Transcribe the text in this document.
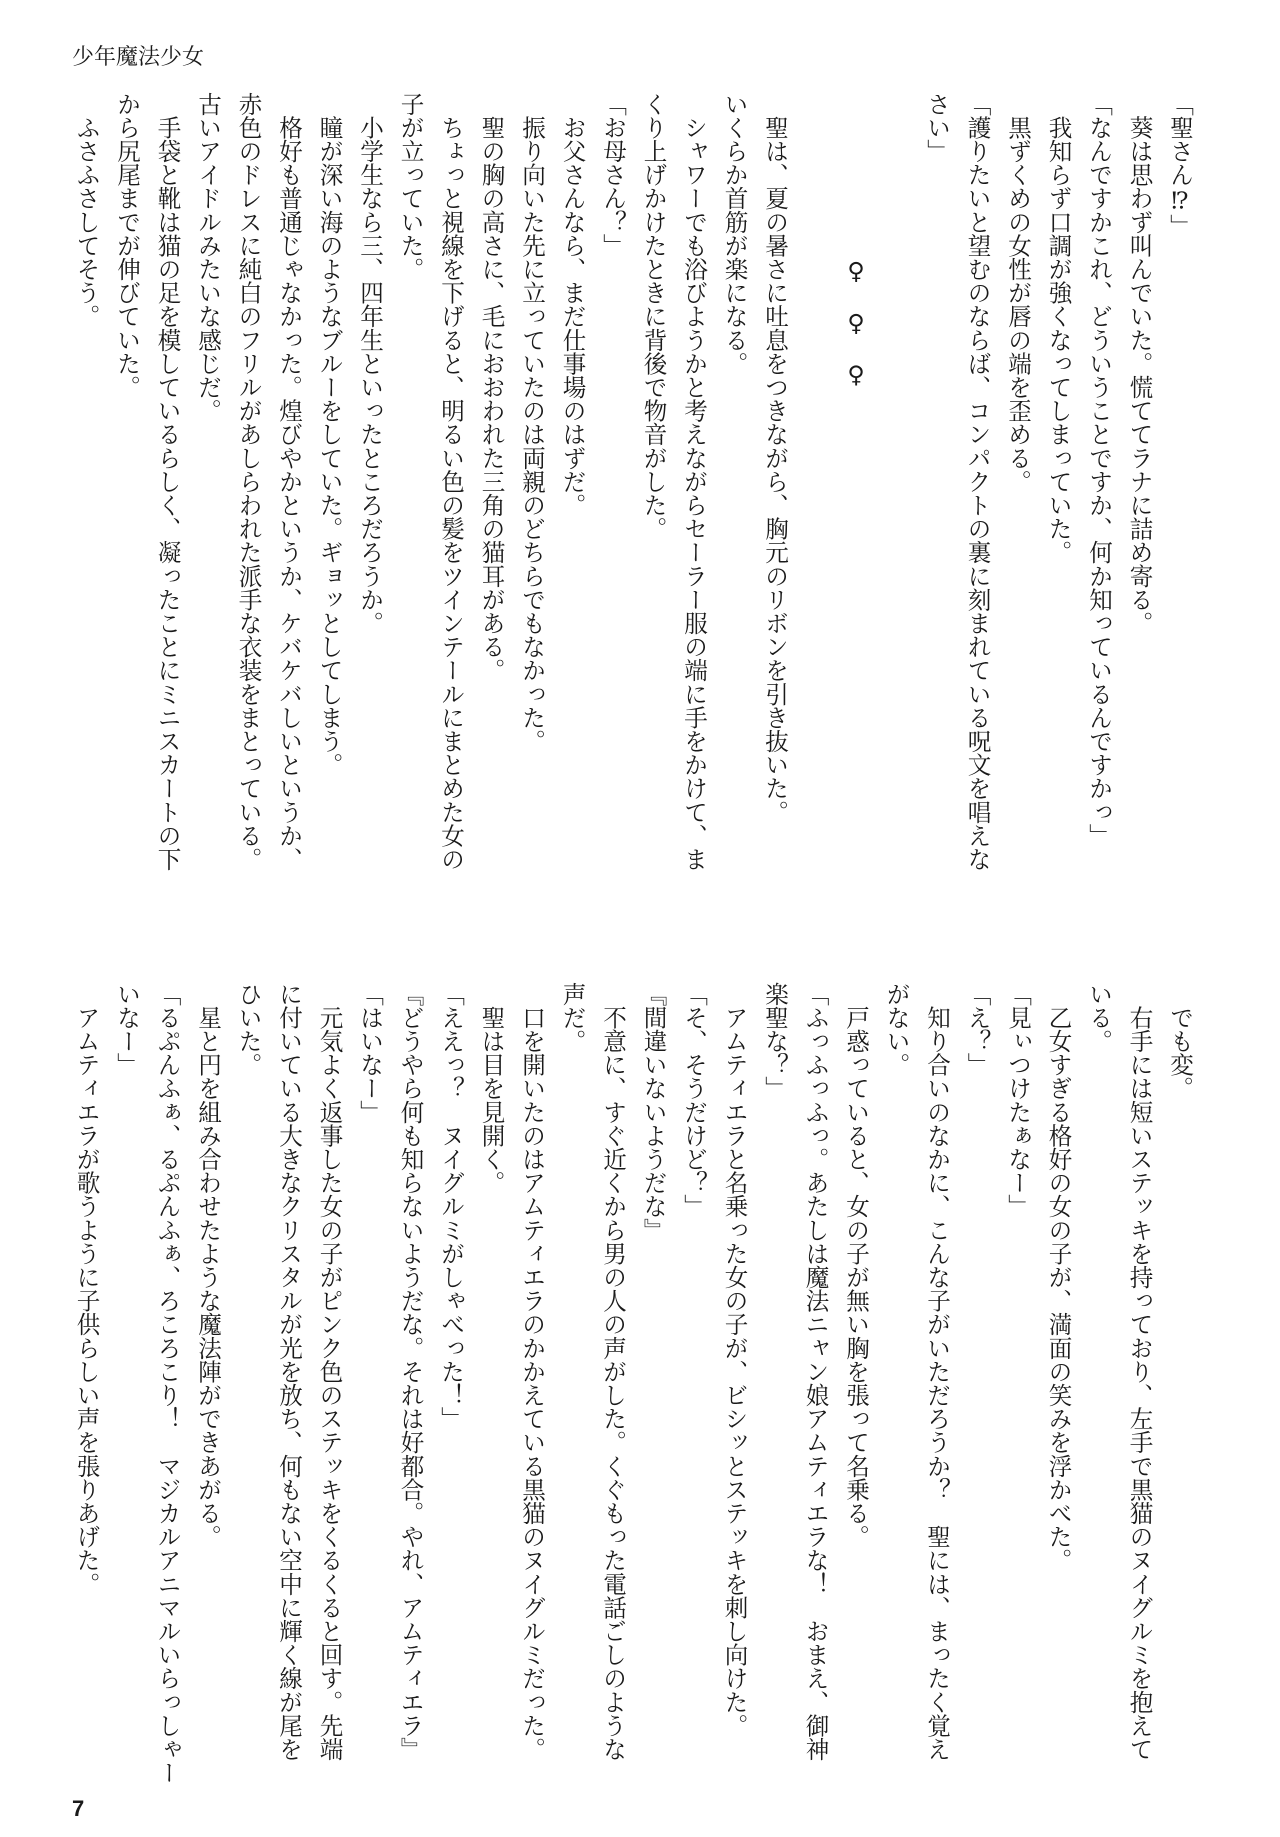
少年魔法少女
「聖さん⁉」
　葵は思わず叫んでいた。慌ててラナに詰め寄る。
「なんですかこれ、どういうことですか、何か知っているんですかっ」
　我知らず口調が強くなってしまっていた。
　黒ずくめの女性が唇の端を歪める。
「護りたいと望むのならば、コンパクトの裏に刻まれている呪文を唱えな
さい」

　　　　　　　♀　♀　♀

　聖は、夏の暑さに吐息をつきながら、胸元のリボンを引き抜いた。
いくらか首筋が楽になる。
　シャワーでも浴びようかと考えながらセーラー服の端に手をかけて、ま
くり上げかけたときに背後で物音がした。
「お母さん？」
　お父さんなら、まだ仕事場のはずだ。
　振り向いた先に立っていたのは両親のどちらでもなかった。
　聖の胸の高さに、毛におおわれた三角の猫耳がある。
　ちょっと視線を下げると、明るい色の髪をツインテールにまとめた女の
子が立っていた。
　小学生なら三、四年生といったところだろうか。
　瞳が深い海のようなブルーをしていた。ギョッとしてしまう。
　格好も普通じゃなかった。煌びやかというか、ケバケバしいというか、
赤色のドレスに純白のフリルがあしらわれた派手な衣装をまとっている。
古いアイドルみたいな感じだ。
　手袋と靴は猫の足を模しているらしく、凝ったことにミニスカートの下
から尻尾までが伸びていた。
　ふさふさしてそう。
　でも変。
　右手には短いステッキを持っており、左手で黒猫のヌイグルミを抱えて
いる。
　乙女すぎる格好の女の子が、満面の笑みを浮かべた。
「見ぃつけたぁなー」
「え？」
　知り合いのなかに、こんな子がいただろうか？　聖には、まったく覚え
がない。
　戸惑っていると、女の子が無い胸を張って名乗る。
「ふっふっふっ。あたしは魔法ニャン娘アムティエラな！　おまえ、御神
楽聖な？」
　アムティエラと名乗った女の子が、ビシッとステッキを刺し向けた。
「そ、そうだけど？」
『間違いないようだな』
　不意に、すぐ近くから男の人の声がした。くぐもった電話ごしのような
声だ。
　口を開いたのはアムティエラのかかえている黒猫のヌイグルミだった。
　聖は目を見開く。
「ええっ？　ヌイグルミがしゃべった！」
『どうやら何も知らないようだな。それは好都合。やれ、アムティエラ』
「はいなー」
　元気よく返事した女の子がピンク色のステッキをくるくると回す。先端
に付いている大きなクリスタルが光を放ち、何もない空中に輝く線が尾を
ひいた。
　星と円を組み合わせたような魔法陣ができあがる。
「るぷんふぁ、るぷんふぁ、ろころこり！　マジカルアニマルいらっしゃー
いなー」
　アムティエラが歌うように子供らしい声を張りあげた。
7
